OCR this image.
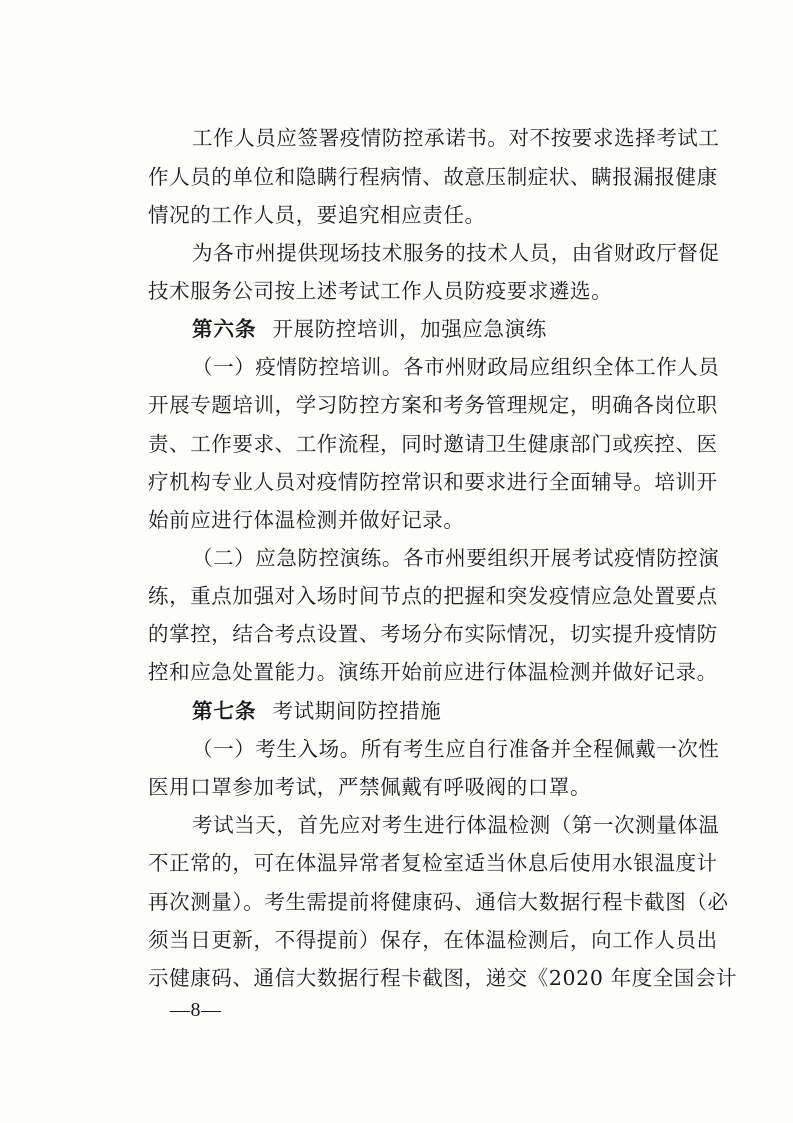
工作人员应签署疫情防控承诺书。对不按要求选择考试工
作人员的单位和隐瞒行程病情、故意压制症状、瞒报漏报健康
情况的工作人员，要追究相应责任。
为各市州提供现场技术服务的技术人员，由省财政厅督促
技术服务公司按上述考试工作人员防疫要求遴选。
第六条 开展防控培训，加强应急演练
（一）疫情防控培训。各市州财政局应组织全体工作人员
开展专题培训，学习防控方案和考务管理规定，明确各岗位职
责、工作要求、工作流程，同时邀请卫生健康部门或疾控、医
疗机构专业人员对疫情防控常识和要求进行全面辅导。培训开
始前应进行体温检测并做好记录。
（二）应急防控演练。各市州要组织开展考试疫情防控演
练，重点加强对入场时间节点的把握和突发疫情应急处置要点
的掌控，结合考点设置、考场分布实际情况，切实提升疫情防
控和应急处置能力。演练开始前应进行体温检测并做好记录。
第七条 考试期间防控措施
（一）考生入场。所有考生应自行准备并全程佩戴一次性
医用口罩参加考试，严禁佩戴有呼吸阀的口罩。
考试当天，首先应对考生进行体温检测（第一次测量体温
不正常的，可在体温异常者复检室适当休息后使用水银温度计
再次测量）。考生需提前将健康码、通信大数据行程卡截图（必
须当日更新，不得提前）保存，在体温检测后，向工作人员出
示健康码、通信大数据行程卡截图，递交《2020 年度全国会计
—8—
